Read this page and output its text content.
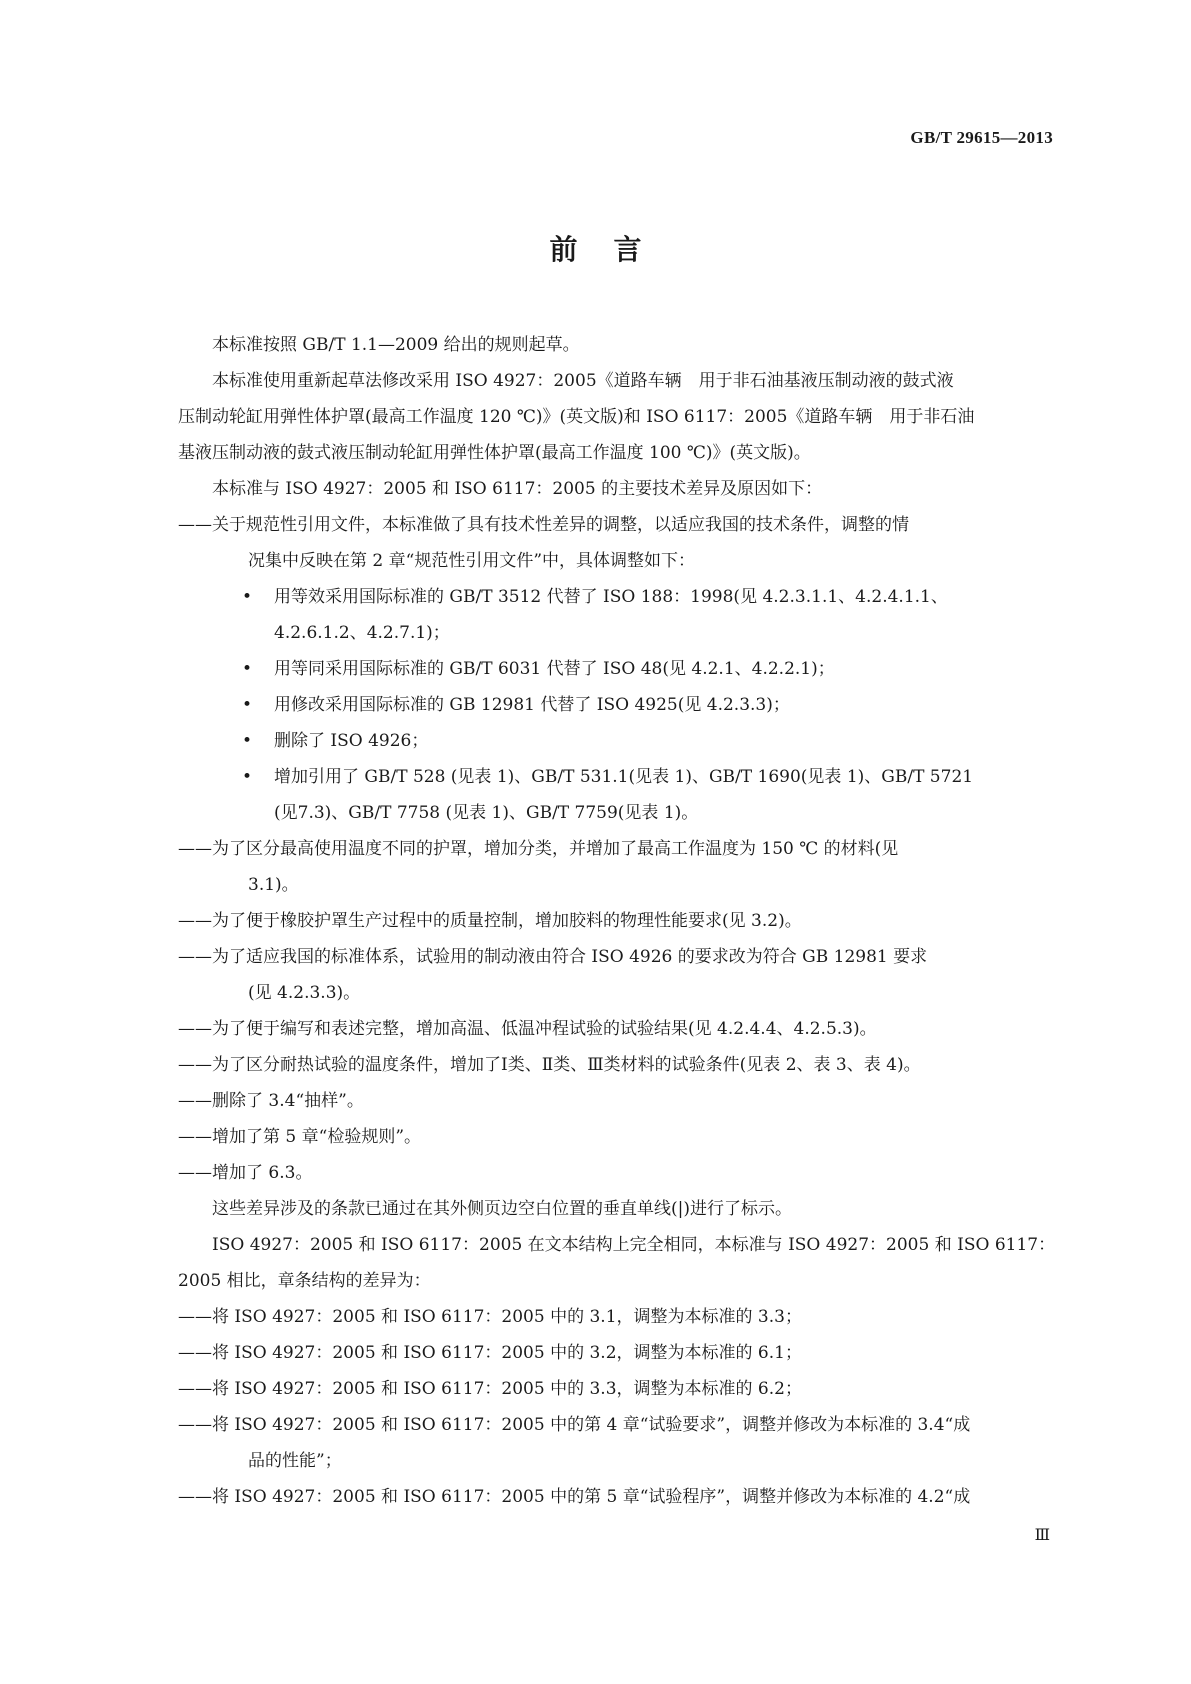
GB/T 29615—2013
前言
本标准按照 GB/T 1.1—2009 给出的规则起草。
本标准使用重新起草法修改采用 ISO 4927：2005《道路车辆　用于非石油基液压制动液的鼓式液
压制动轮缸用弹性体护罩(最高工作温度 120 ℃)》(英文版)和 ISO 6117：2005《道路车辆　用于非石油
基液压制动液的鼓式液压制动轮缸用弹性体护罩(最高工作温度 100 ℃)》(英文版)。
本标准与 ISO 4927：2005 和 ISO 6117：2005 的主要技术差异及原因如下：
——关于规范性引用文件，本标准做了具有技术性差异的调整，以适应我国的技术条件，调整的情
况集中反映在第 2 章“规范性引用文件”中，具体调整如下：
• 用等效采用国际标准的 GB/T 3512 代替了 ISO 188：1998(见 4.2.3.1.1、4.2.4.1.1、
4.2.6.1.2、4.2.7.1)；
• 用等同采用国际标准的 GB/T 6031 代替了 ISO 48(见 4.2.1、4.2.2.1)；
• 用修改采用国际标准的 GB 12981 代替了 ISO 4925(见 4.2.3.3)；
• 删除了 ISO 4926；
• 增加引用了 GB/T 528 (见表 1)、GB/T 531.1(见表 1)、GB/T 1690(见表 1)、GB/T 5721
(见7.3)、GB/T 7758 (见表 1)、GB/T 7759(见表 1)。
——为了区分最高使用温度不同的护罩，增加分类，并增加了最高工作温度为 150 ℃ 的材料(见
3.1)。
——为了便于橡胶护罩生产过程中的质量控制，增加胶料的物理性能要求(见 3.2)。
——为了适应我国的标准体系，试验用的制动液由符合 ISO 4926 的要求改为符合 GB 12981 要求
(见 4.2.3.3)。
——为了便于编写和表述完整，增加高温、低温冲程试验的试验结果(见 4.2.4.4、4.2.5.3)。
——为了区分耐热试验的温度条件，增加了Ⅰ类、Ⅱ类、Ⅲ类材料的试验条件(见表 2、表 3、表 4)。
——删除了 3.4“抽样”。
——增加了第 5 章“检验规则”。
——增加了 6.3。
这些差异涉及的条款已通过在其外侧页边空白位置的垂直单线(|)进行了标示。
ISO 4927：2005 和 ISO 6117：2005 在文本结构上完全相同，本标准与 ISO 4927：2005 和 ISO 6117：
2005 相比，章条结构的差异为：
——将 ISO 4927：2005 和 ISO 6117：2005 中的 3.1，调整为本标准的 3.3；
——将 ISO 4927：2005 和 ISO 6117：2005 中的 3.2，调整为本标准的 6.1；
——将 ISO 4927：2005 和 ISO 6117：2005 中的 3.3，调整为本标准的 6.2；
——将 ISO 4927：2005 和 ISO 6117：2005 中的第 4 章“试验要求”，调整并修改为本标准的 3.4“成
品的性能”；
——将 ISO 4927：2005 和 ISO 6117：2005 中的第 5 章“试验程序”，调整并修改为本标准的 4.2“成
Ⅲ
